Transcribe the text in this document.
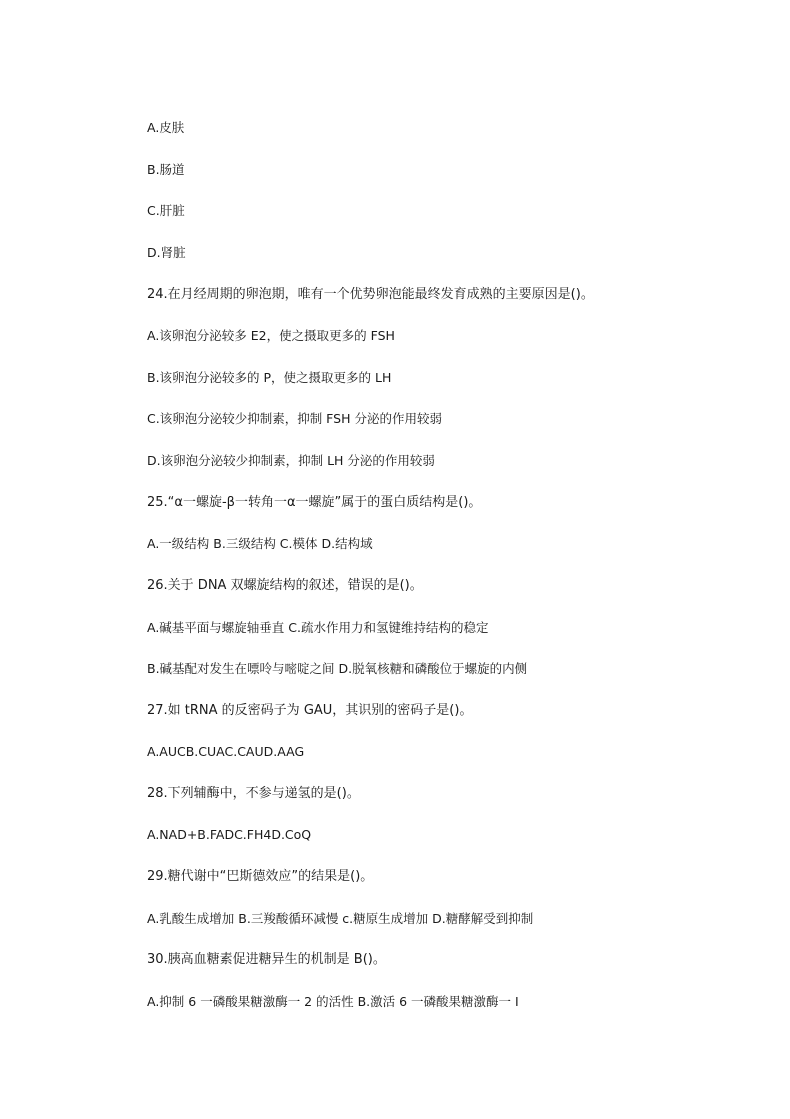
A.皮肤
B.肠道
C.肝脏
D.肾脏
24.在月经周期的卵泡期，唯有一个优势卵泡能最终发育成熟的主要原因是()。
A.该卵泡分泌较多 E2，使之摄取更多的 FSH
B.该卵泡分泌较多的 P，使之摄取更多的 LH
C.该卵泡分泌较少抑制素，抑制 FSH 分泌的作用较弱
D.该卵泡分泌较少抑制素，抑制 LH 分泌的作用较弱
25.“α一螺旋-β一转角一α一螺旋”属于的蛋白质结构是()。
A.一级结构 B.三级结构 C.模体 D.结构域
26.关于 DNA 双螺旋结构的叙述，错误的是()。
A.碱基平面与螺旋轴垂直 C.疏水作用力和氢键维持结构的稳定
B.碱基配对发生在嘌呤与嘧啶之间 D.脱氧核糖和磷酸位于螺旋的内侧
27.如 tRNA 的反密码子为 GAU，其识别的密码子是()。
A.AUCB.CUAC.CAUD.AAG
28.下列辅酶中，不参与递氢的是()。
A.NAD+B.FADC.FH4D.CoQ
29.糖代谢中“巴斯德效应”的结果是()。
A.乳酸生成增加 B.三羧酸循环减慢 c.糖原生成增加 D.糖酵解受到抑制
30.胰高血糖素促进糖异生的机制是 B()。
A.抑制 6 一磷酸果糖激酶一 2 的活性 B.激活 6 一磷酸果糖激酶一 I
